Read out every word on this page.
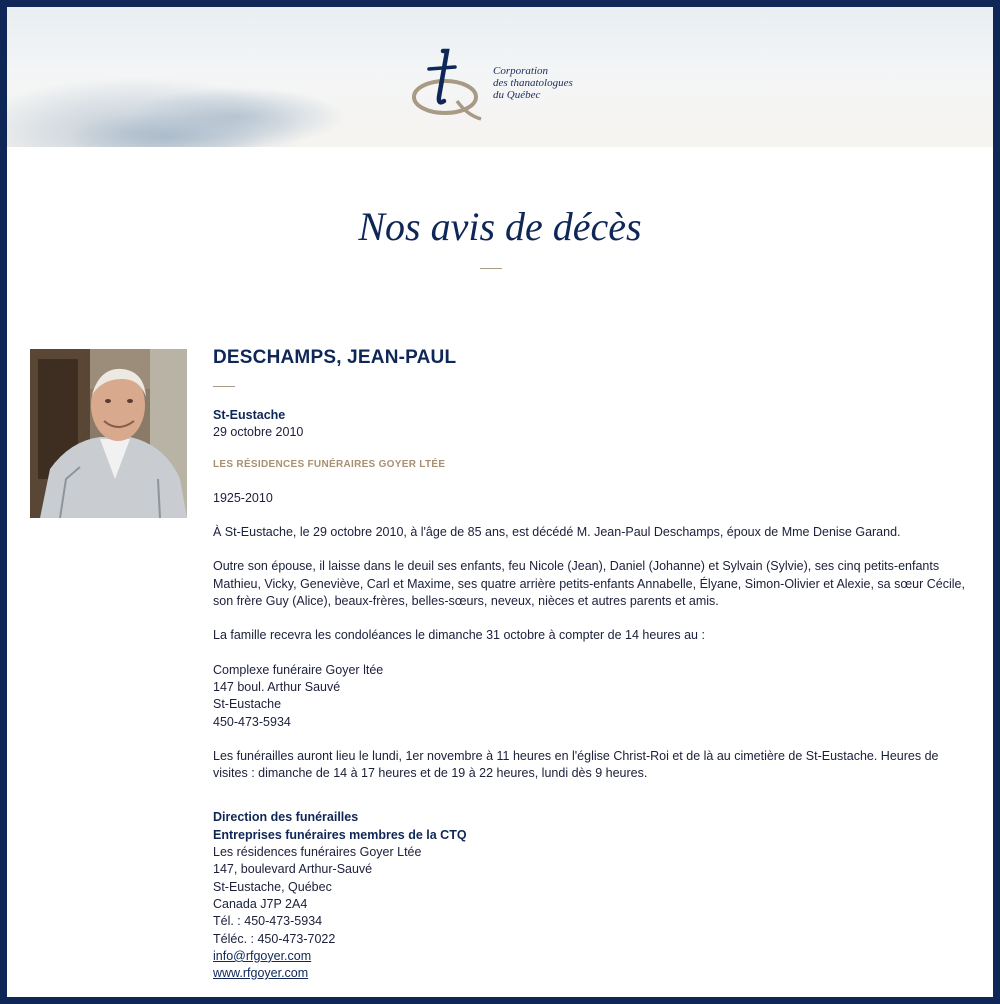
Corporation
des thanatologues
du Québec
Nos avis de décès
DESCHAMPS, JEAN-PAUL
St-Eustache
29 octobre 2010
LES RÉSIDENCES FUNÉRAIRES GOYER LTÉE

1925-2010

À St-Eustache, le 29 octobre 2010, à l'âge de 85 ans, est décédé M. Jean-Paul Deschamps, époux de Mme Denise Garand.

Outre son épouse, il laisse dans le deuil ses enfants, feu Nicole (Jean), Daniel (Johanne) et Sylvain (Sylvie), ses cinq petits-enfants Mathieu, Vicky, Geneviève, Carl et Maxime, ses quatre arrière petits-enfants Annabelle, Élyane, Simon-Olivier et Alexie, sa sœur Cécile, son frère Guy (Alice), beaux-frères, belles-sœurs, neveux, nièces et autres parents et amis.

La famille recevra les condoléances le dimanche 31 octobre à compter de 14 heures au :

Complexe funéraire Goyer ltée
147 boul. Arthur Sauvé
St-Eustache
450-473-5934

Les funérailles auront lieu le lundi, 1er novembre à 11 heures en l'église Christ-Roi et de là au cimetière de St-Eustache. Heures de visites : dimanche de 14 à 17 heures et de 19 à 22 heures, lundi dès 9 heures.

Direction des funérailles
Entreprises funéraires membres de la CTQ
Les résidences funéraires Goyer Ltée
147, boulevard Arthur-Sauvé
St-Eustache, Québec
Canada J7P 2A4
Tél. : 450-473-5934
Téléc. : 450-473-7022
info@rfgoyer.com
www.rfgoyer.com
